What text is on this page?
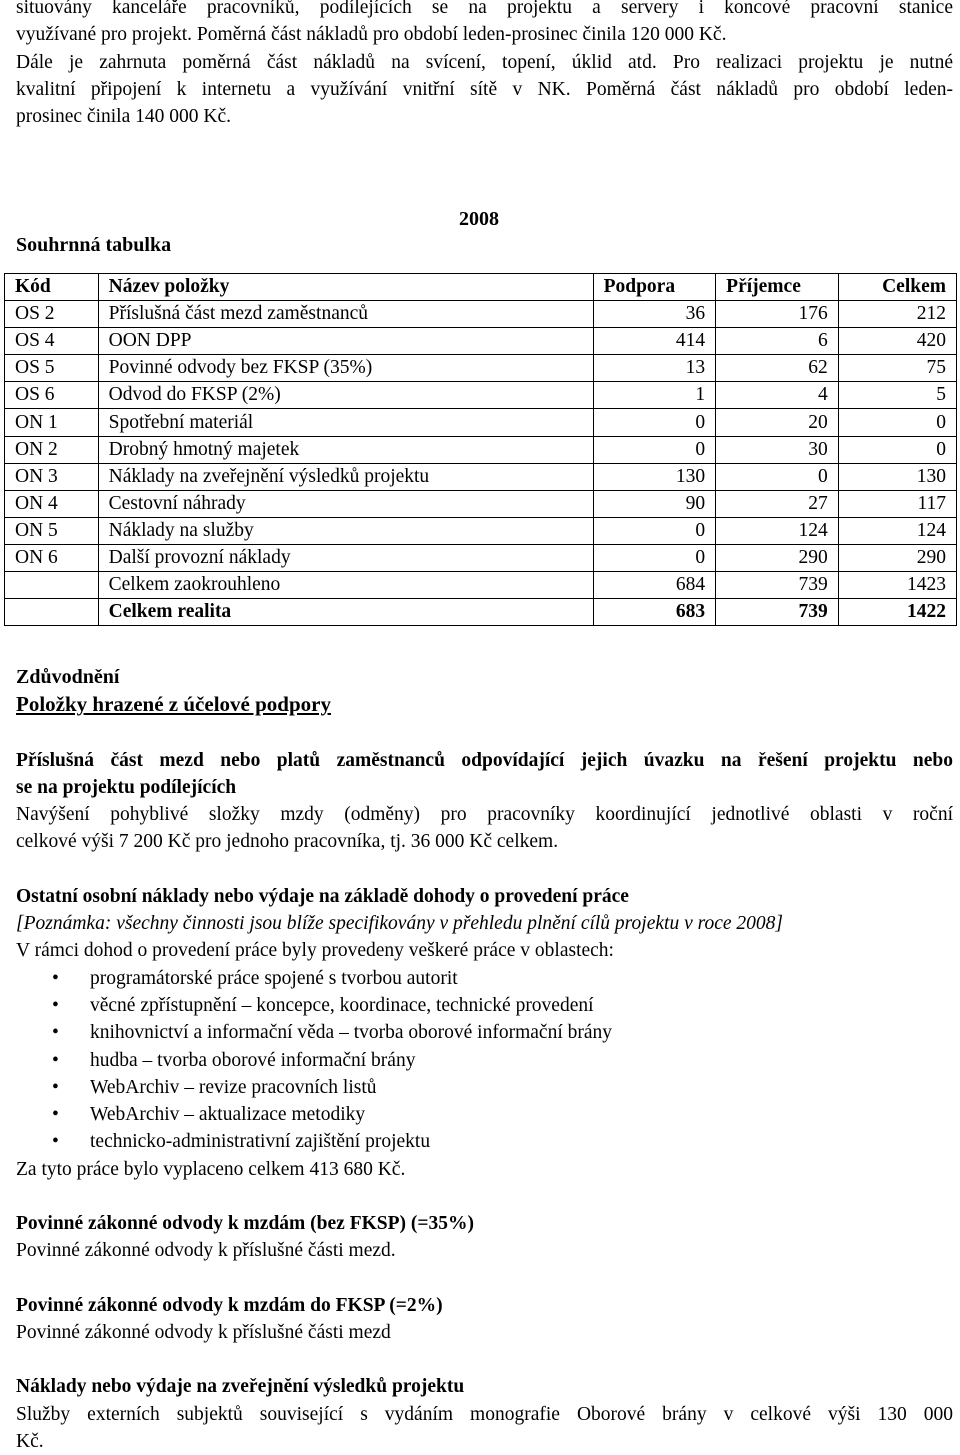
situovány kanceláře pracovníků, podílejících se na projektu a servery i koncové pracovní stanice

využívané pro projekt. Poměrná část nákladů pro období leden-prosinec činila 120 000 Kč.

Dále je zahrnuta poměrná část nákladů na svícení, topení, úklid atd. Pro realizaci projektu je nutné

kvalitní připojení k internetu a využívání vnitřní sítě v NK. Poměrná část nákladů pro období leden-

prosinec činila 140 000 Kč.

Souhrnná tabulka
2008
Kód	Název položky	Podpora	Příjemce	Celkem
OS 2	Příslušná část mezd zaměstnanců	36	176	212
OS 4	OON DPP	414	6	420
OS 5	Povinné odvody bez FKSP (35%)	13	62	75
OS 6	Odvod do FKSP (2%)	1	4	5
ON 1	Spotřební materiál	0	20	0
ON 2	Drobný hmotný majetek	0	30	0
ON 3	Náklady na zveřejnění výsledků projektu	130	0	130
ON 4	Cestovní náhrady	90	27	117
ON 5	Náklady na služby	0	124	124
ON 6	Další provozní náklady	0	290	290
	Celkem zaokrouhleno	684	739	1423
	Celkem realita	683	739	1422
Zdůvodnění
Položky hrazené z účelové podpory

Příslušná část mezd nebo platů zaměstnanců odpovídající jejich úvazku na řešení projektu nebo

se na projektu podílejících

Navýšení pohyblivé složky mzdy (odměny) pro pracovníky koordinující jednotlivé oblasti v roční

celkové výši 7 200 Kč pro jednoho pracovníka, tj. 36 000 Kč celkem.

Ostatní osobní náklady nebo výdaje na základě dohody o provedení práce

[Poznámka: všechny činnosti jsou blíže specifikovány v přehledu plnění cílů projektu v roce 2008]

V rámci dohod o provedení práce byly provedeny veškeré práce v oblastech:

• programátorské práce spojené s tvorbou autorit
• věcné zpřístupnění – koncepce, koordinace, technické provedení
• knihovnictví a informační věda – tvorba oborové informační brány
• hudba – tvorba oborové informační brány
• WebArchiv – revize pracovních listů
• WebArchiv – aktualizace metodiky
• technicko-administrativní zajištění projektu

Za tyto práce bylo vyplaceno celkem 413 680 Kč.

Povinné zákonné odvody k mzdám (bez FKSP) (=35%)

Povinné zákonné odvody k příslušné části mezd.

Povinné zákonné odvody k mzdám do FKSP (=2%)

Povinné zákonné odvody k příslušné části mezd

Náklady nebo výdaje na zveřejnění výsledků projektu

Služby externích subjektů související s vydáním monografie Oborové brány v celkové výši 130 000

Kč.
